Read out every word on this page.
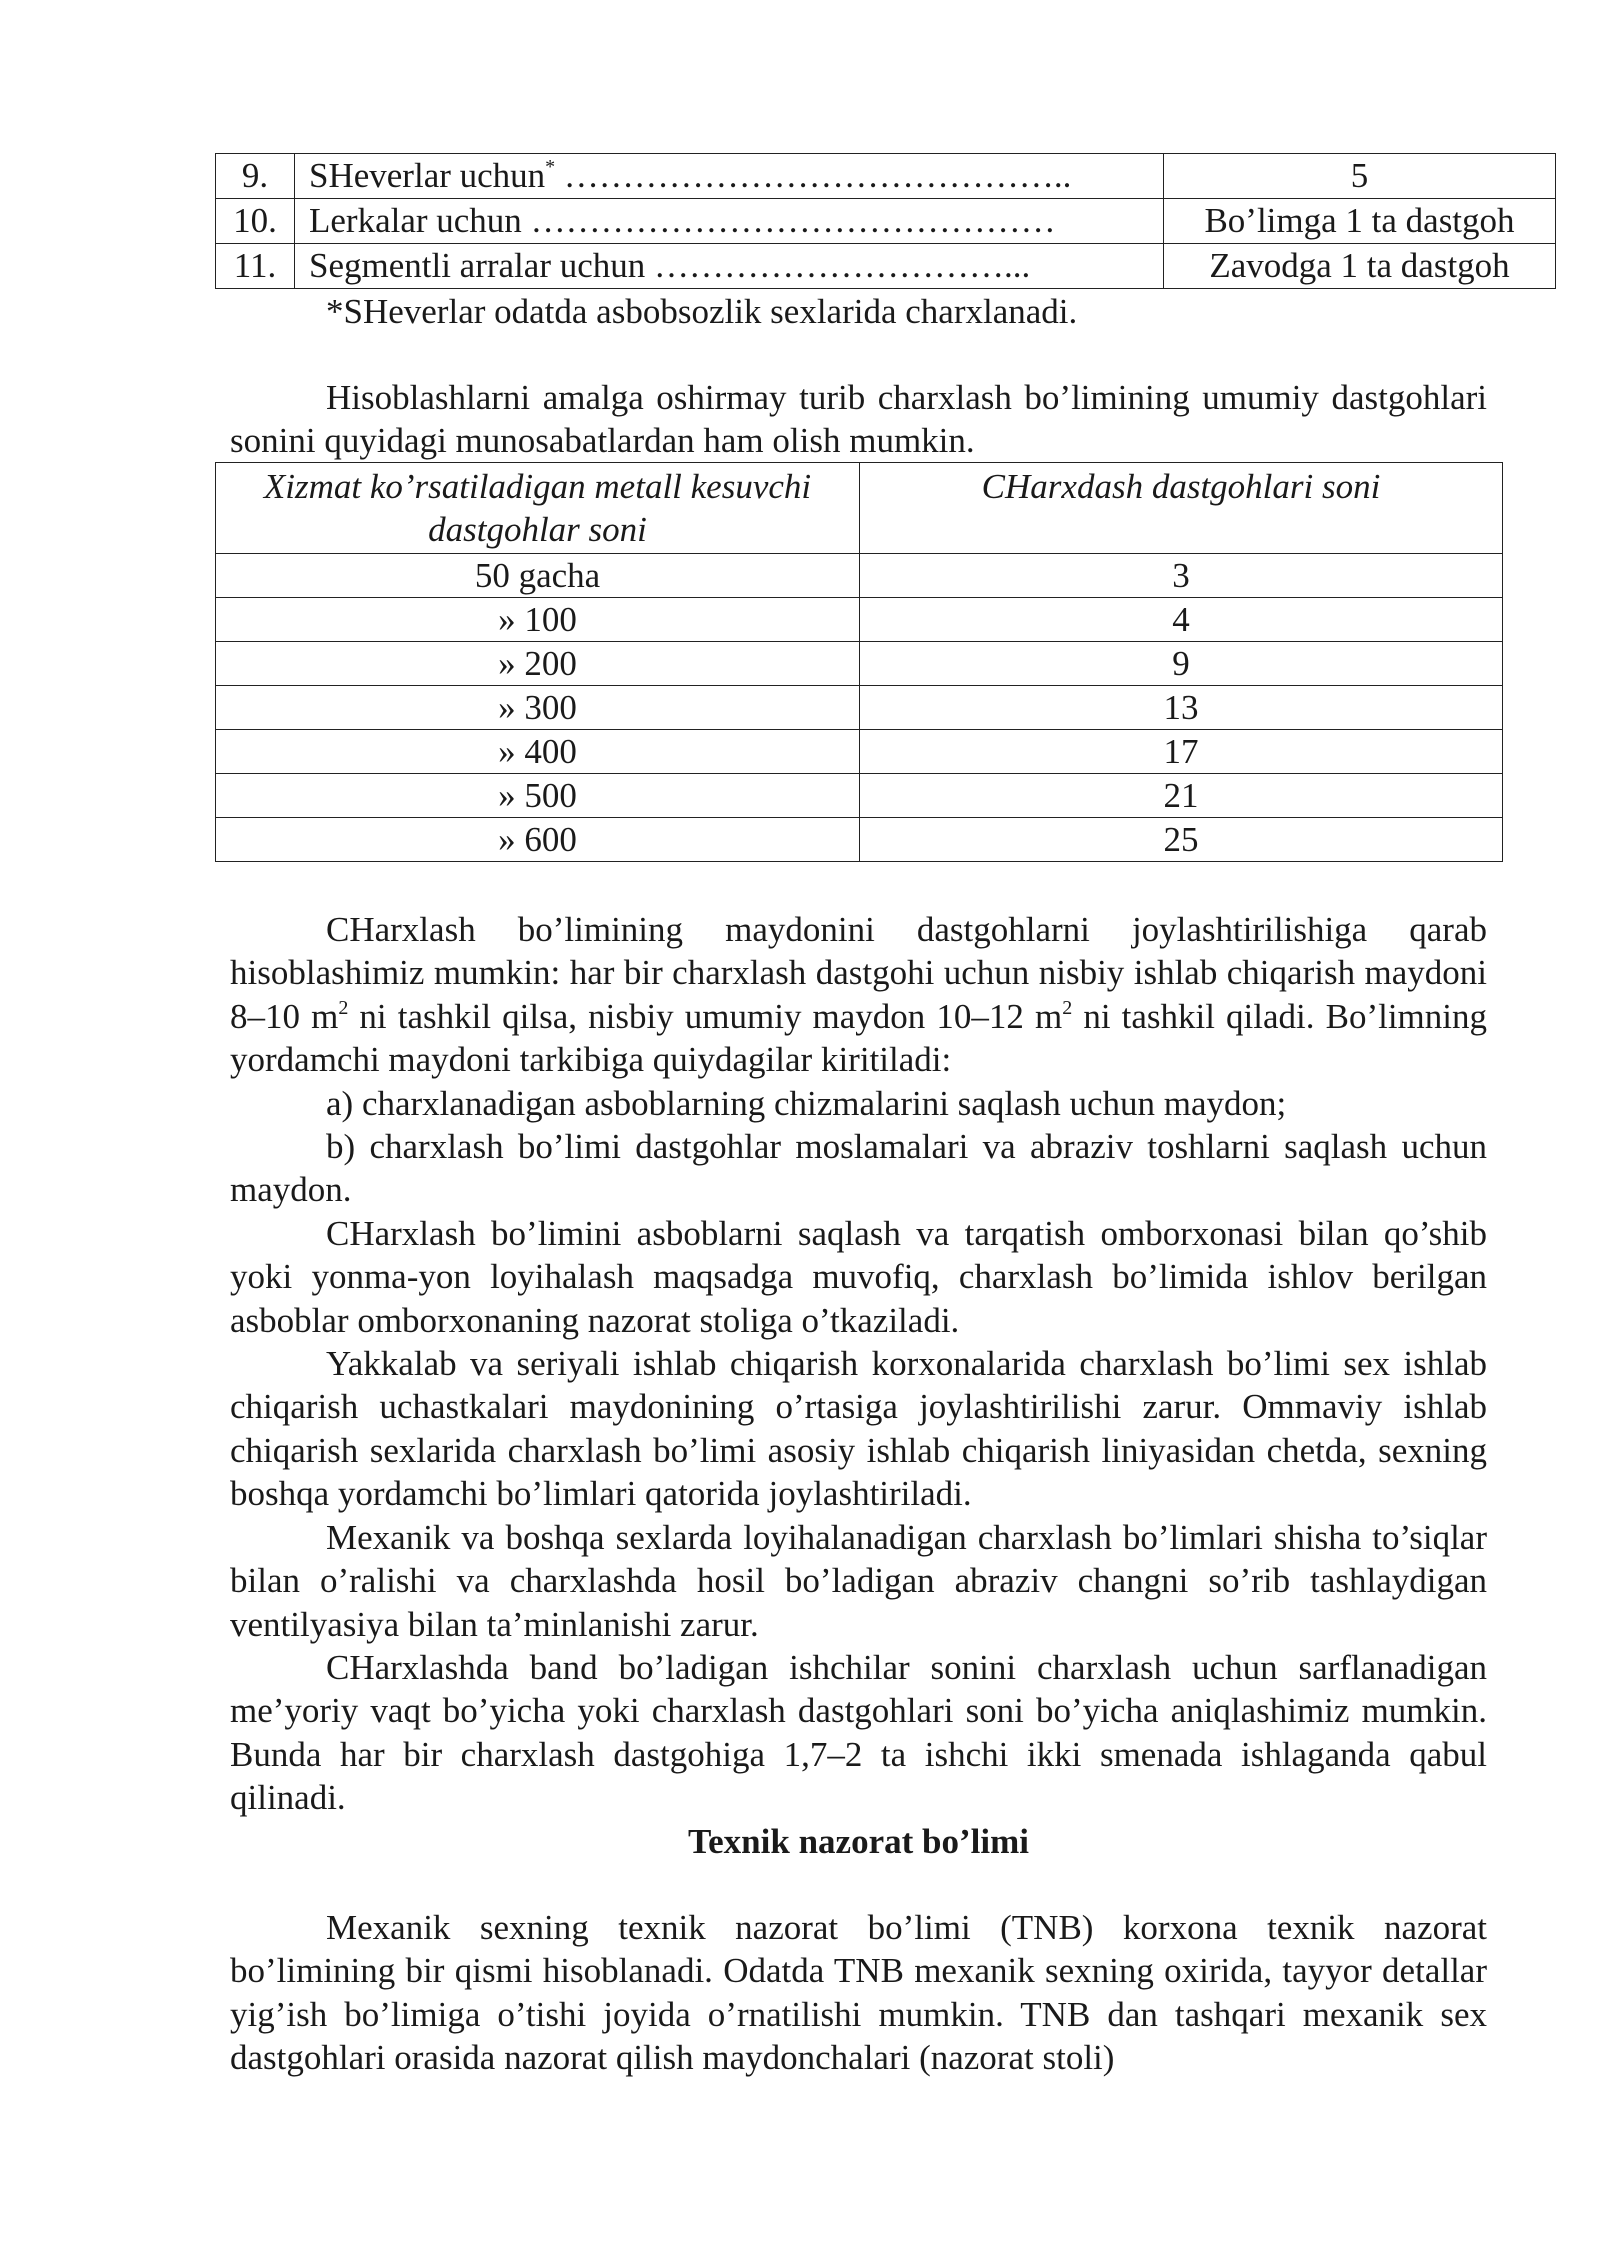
9.	SHeverlar uchun* ……………………………………..	5
10.	Lerkalar uchun ………………………………………	Bo’limga 1 ta dastgoh
11.	Segmentli arralar uchun …………………………...	Zavodga 1 ta dastgoh
*SHeverlar odatda asbobsozlik sexlarida charxlanadi.

Hisoblashlarni amalga oshirmay turib charxlash bo’limining umumiy dastgohlari sonini quyidagi munosabatlardan ham olish mumkin.

Xizmat ko’rsatiladigan metall kesuvchi dastgohlar soni	CHarxdash dastgohlari soni
50 gacha	3
» 100	4
» 200	9
» 300	13
» 400	17
» 500	21
» 600	25

CHarxlash bo’limining maydonini dastgohlarni joylashtirilishiga qarab hisoblashimiz mumkin: har bir charxlash dastgohi uchun nisbiy ishlab chiqarish maydoni 8–10 $m^2$ ni tashkil qilsa, nisbiy umumiy maydon 10–12 $m^2$ ni tashkil qiladi. Bo’limning yordamchi maydoni tarkibiga quiydagilar kiritiladi:

a) charxlanadigan asboblarning chizmalarini saqlash uchun maydon;

b) charxlash bo’limi dastgohlar moslamalari va abraziv toshlarni saqlash uchun maydon.

CHarxlash bo’limini asboblarni saqlash va tarqatish omborxonasi bilan qo’shib yoki yonma-yon loyihalash maqsadga muvofiq, charxlash bo’limida ishlov berilgan asboblar omborxonaning nazorat stoliga o’tkaziladi.

Yakkalab va seriyali ishlab chiqarish korxonalarida charxlash bo’limi sex ishlab chiqarish uchastkalari maydonining o’rtasiga joylashtirilishi zarur. Ommaviy ishlab chiqarish sexlarida charxlash bo’limi asosiy ishlab chiqarish liniyasidan chetda, sexning boshqa yordamchi bo’limlari qatorida joylashtiriladi.

Mexanik va boshqa sexlarda loyihalanadigan charxlash bo’limlari shisha to’siqlar bilan o’ralishi va charxlashda hosil bo’ladigan abraziv changni so’rib tashlaydigan ventilyasiya bilan ta’minlanishi zarur.

CHarxlashda band bo’ladigan ishchilar sonini charxlash uchun sarflanadigan me’yoriy vaqt bo’yicha yoki charxlash dastgohlari soni bo’yicha aniqlashimiz mumkin. Bunda har bir charxlash dastgohiga 1,7–2 ta ishchi ikki smenada ishlaganda qabul qilinadi.

Texnik nazorat bo’limi

Mexanik sexning texnik nazorat bo’limi (TNB) korxona texnik nazorat bo’limining bir qismi hisoblanadi. Odatda TNB mexanik sexning oxirida, tayyor detallar yig’ish bo’limiga o’tishi joyida o’rnatilishi mumkin. TNB dan tashqari mexanik sex dastgohlari orasida nazorat qilish maydonchalari (nazorat stoli)
